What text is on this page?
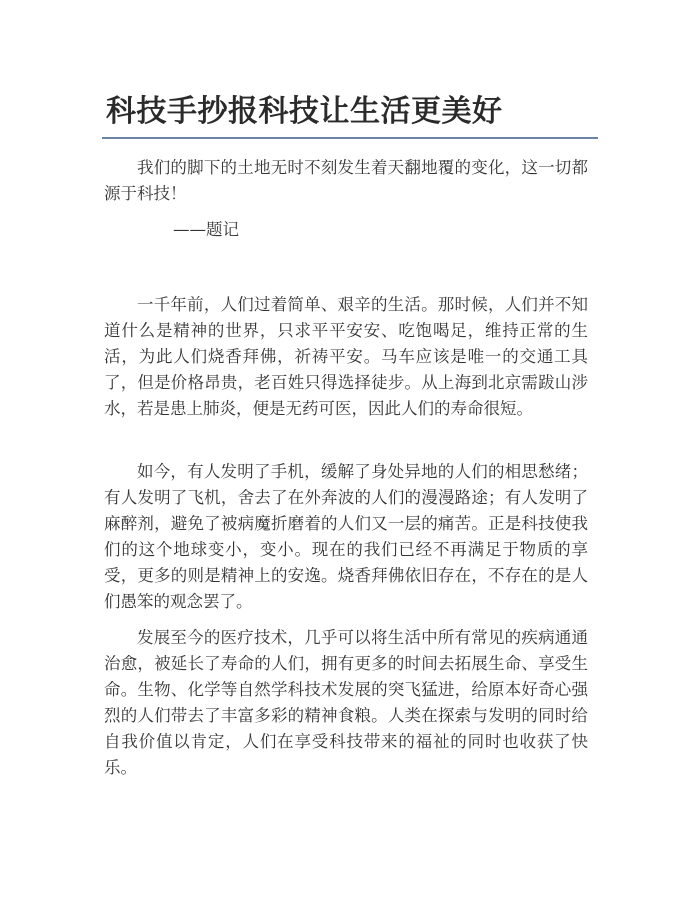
科技手抄报科技让生活更美好

我们的脚下的土地无时不刻发生着天翻地覆的变化，这一切都源于科技！

——题记

一千年前，人们过着简单、艰辛的生活。那时候，人们并不知道什么是精神的世界，只求平平安安、吃饱喝足，维持正常的生活，为此人们烧香拜佛，祈祷平安。马车应该是唯一的交通工具了，但是价格昂贵，老百姓只得选择徒步。从上海到北京需跋山涉水，若是患上肺炎，便是无药可医，因此人们的寿命很短。

如今，有人发明了手机，缓解了身处异地的人们的相思愁绪；有人发明了飞机，舍去了在外奔波的人们的漫漫路途；有人发明了麻醉剂，避免了被病魔折磨着的人们又一层的痛苦。正是科技使我们的这个地球变小，变小。现在的我们已经不再满足于物质的享受，更多的则是精神上的安逸。烧香拜佛依旧存在，不存在的是人们愚笨的观念罢了。

发展至今的医疗技术，几乎可以将生活中所有常见的疾病通通治愈，被延长了寿命的人们，拥有更多的时间去拓展生命、享受生命。生物、化学等自然学科技术发展的突飞猛进，给原本好奇心强烈的人们带去了丰富多彩的精神食粮。人类在探索与发明的同时给自我价值以肯定，人们在享受科技带来的福祉的同时也收获了快乐。
